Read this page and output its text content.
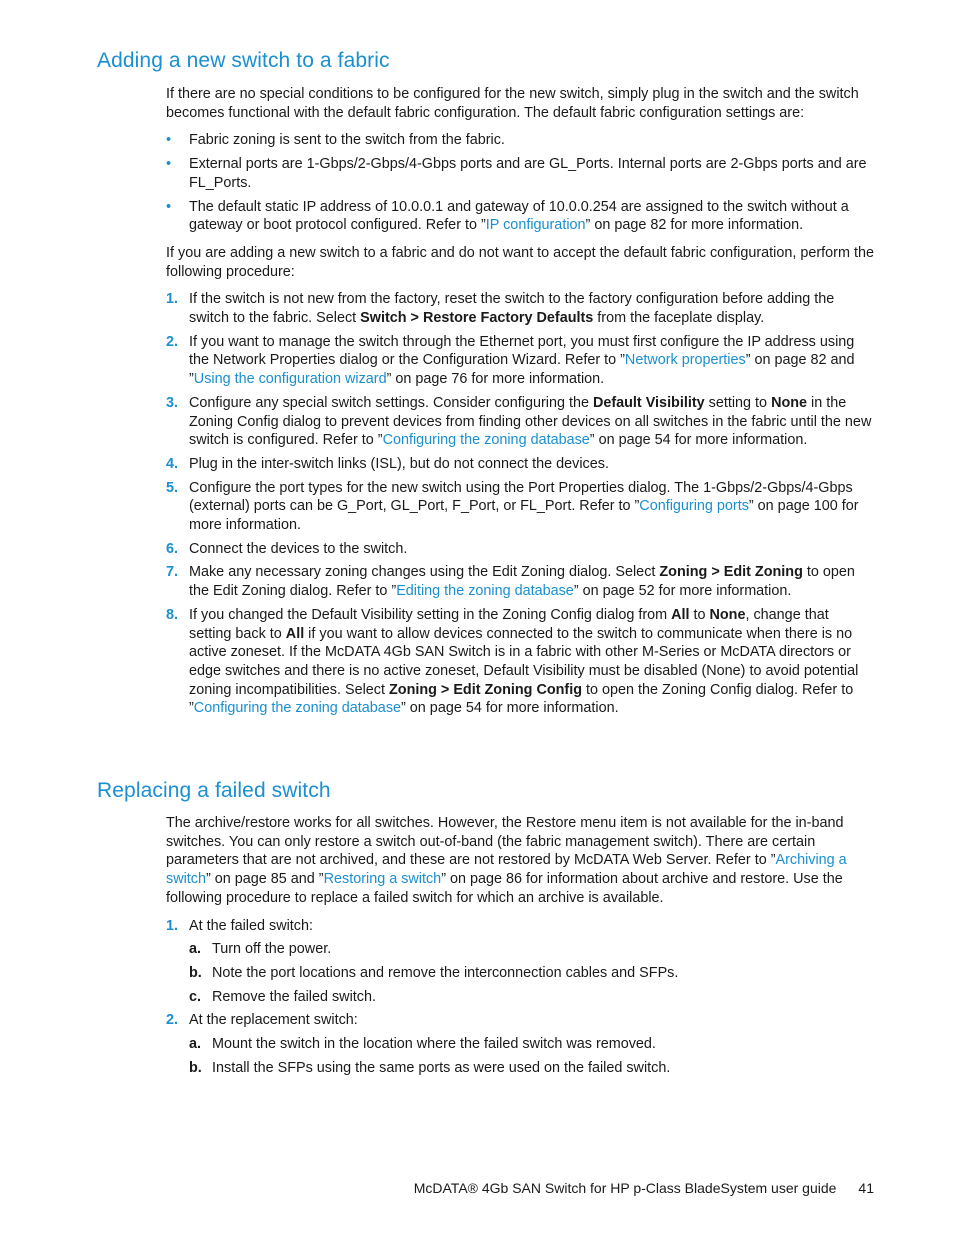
Adding a new switch to a fabric

If there are no special conditions to be configured for the new switch, simply plug in the switch and the switch becomes functional with the default fabric configuration. The default fabric configuration settings are:

• Fabric zoning is sent to the switch from the fabric.
• External ports are 1-Gbps/2-Gbps/4-Gbps ports and are GL_Ports. Internal ports are 2-Gbps ports and are FL_Ports.
• The default static IP address of 10.0.0.1 and gateway of 10.0.0.254 are assigned to the switch without a gateway or boot protocol configured. Refer to ”IP configuration” on page 82 for more information.

If you are adding a new switch to a fabric and do not want to accept the default fabric configuration, perform the following procedure:

1. If the switch is not new from the factory, reset the switch to the factory configuration before adding the switch to the fabric. Select Switch > Restore Factory Defaults from the faceplate display.
2. If you want to manage the switch through the Ethernet port, you must first configure the IP address using the Network Properties dialog or the Configuration Wizard. Refer to ”Network properties” on page 82 and ”Using the configuration wizard” on page 76 for more information.
3. Configure any special switch settings. Consider configuring the Default Visibility setting to None in the Zoning Config dialog to prevent devices from finding other devices on all switches in the fabric until the new switch is configured. Refer to ”Configuring the zoning database” on page 54 for more information.
4. Plug in the inter-switch links (ISL), but do not connect the devices.
5. Configure the port types for the new switch using the Port Properties dialog. The 1-Gbps/2-Gbps/4-Gbps (external) ports can be G_Port, GL_Port, F_Port, or FL_Port. Refer to ”Configuring ports” on page 100 for more information.
6. Connect the devices to the switch.
7. Make any necessary zoning changes using the Edit Zoning dialog. Select Zoning > Edit Zoning to open the Edit Zoning dialog. Refer to ”Editing the zoning database” on page 52 for more information.
8. If you changed the Default Visibility setting in the Zoning Config dialog from All to None, change that setting back to All if you want to allow devices connected to the switch to communicate when there is no active zoneset. If the McDATA 4Gb SAN Switch is in a fabric with other M-Series or McDATA directors or edge switches and there is no active zoneset, Default Visibility must be disabled (None) to avoid potential zoning incompatibilities. Select Zoning > Edit Zoning Config to open the Zoning Config dialog. Refer to ”Configuring the zoning database” on page 54 for more information.
Replacing a failed switch

The archive/restore works for all switches. However, the Restore menu item is not available for the in-band switches. You can only restore a switch out-of-band (the fabric management switch). There are certain parameters that are not archived, and these are not restored by McDATA Web Server. Refer to ”Archiving a switch” on page 85 and ”Restoring a switch” on page 86 for information about archive and restore. Use the following procedure to replace a failed switch for which an archive is available.

1. At the failed switch:
a. Turn off the power.
b. Note the port locations and remove the interconnection cables and SFPs.
c. Remove the failed switch.
2. At the replacement switch:
a. Mount the switch in the location where the failed switch was removed.
b. Install the SFPs using the same ports as were used on the failed switch.
McDATA® 4Gb SAN Switch for HP p-Class BladeSystem user guide 41
